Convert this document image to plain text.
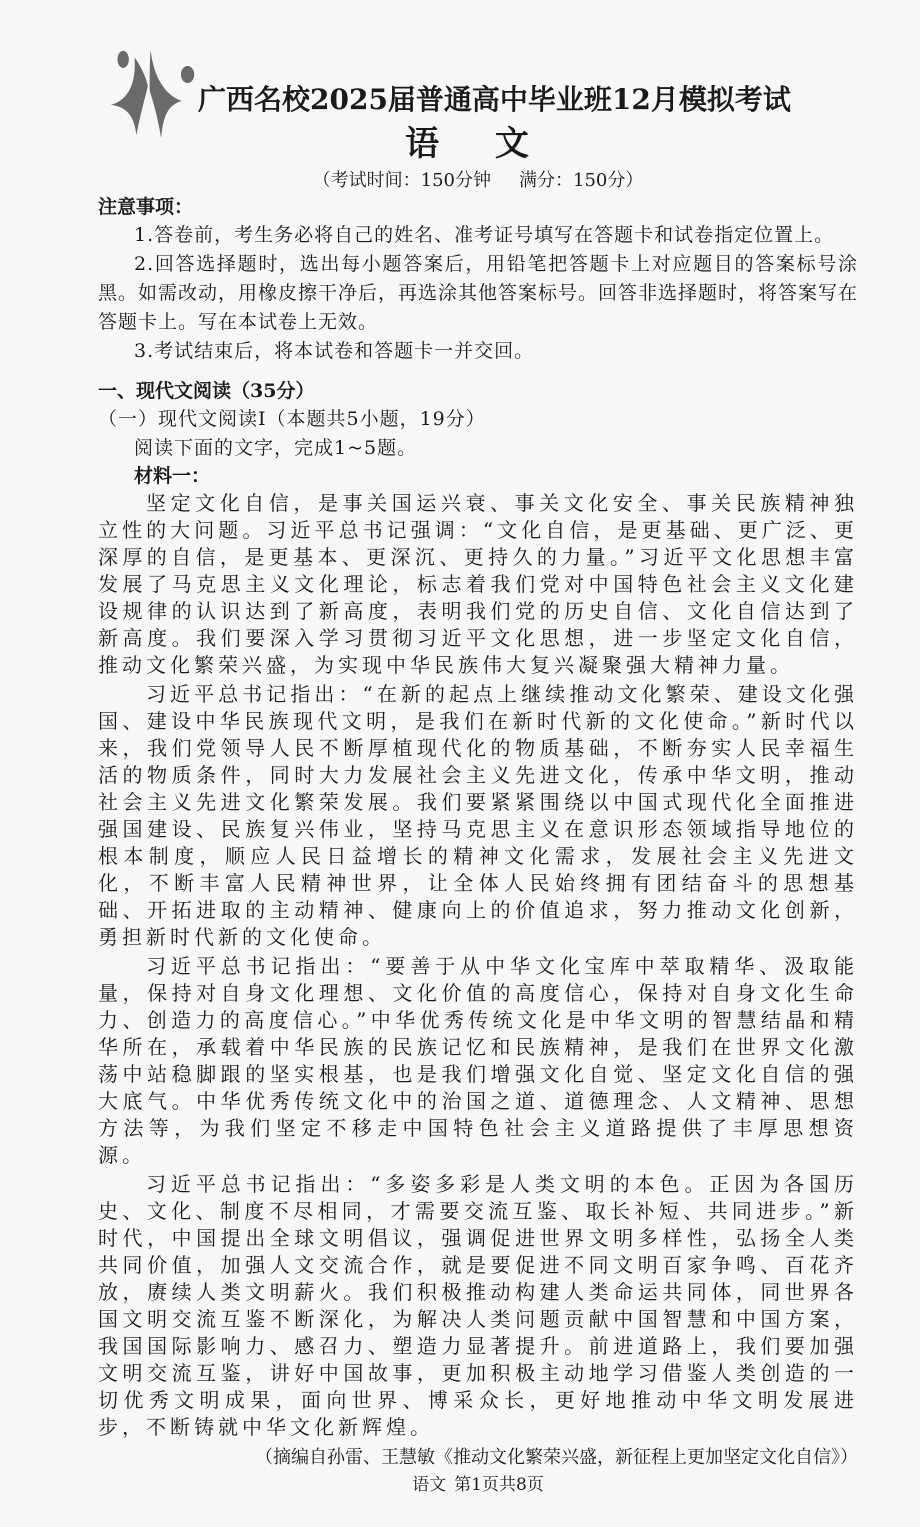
广西名校2025届普通高中毕业班12月模拟考试
语 文
（考试时间：150分钟 满分：150分）
注意事项：
1.答卷前，考生务必将自己的姓名、准考证号填写在答题卡和试卷指定位置上。
2.回答选择题时，选出每小题答案后，用铅笔把答题卡上对应题目的答案标号涂黑。如需改动，用橡皮擦干净后，再选涂其他答案标号。回答非选择题时，将答案写在答题卡上。写在本试卷上无效。
3.考试结束后，将本试卷和答题卡一并交回。
一、现代文阅读（35分）
（一）现代文阅读Ⅰ（本题共5小题，19分）
阅读下面的文字，完成1~5题。
材料一：

坚定文化自信，是事关国运兴衰、事关文化安全、事关民族精神独立性的大问题。习近平总书记强调：“文化自信，是更基础、更广泛、更深厚的自信，是更基本、更深沉、更持久的力量。”习近平文化思想丰富发展了马克思主义文化理论，标志着我们党对中国特色社会主义文化建设规律的认识达到了新高度，表明我们党的历史自信、文化自信达到了新高度。我们要深入学习贯彻习近平文化思想，进一步坚定文化自信，推动文化繁荣兴盛，为实现中华民族伟大复兴凝聚强大精神力量。

习近平总书记指出：“在新的起点上继续推动文化繁荣、建设文化强国、建设中华民族现代文明，是我们在新时代新的文化使命。”新时代以来，我们党领导人民不断厚植现代化的物质基础，不断夯实人民幸福生活的物质条件，同时大力发展社会主义先进文化，传承中华文明，推动社会主义先进文化繁荣发展。我们要紧紧围绕以中国式现代化全面推进强国建设、民族复兴伟业，坚持马克思主义在意识形态领域指导地位的根本制度，顺应人民日益增长的精神文化需求，发展社会主义先进文化，不断丰富人民精神世界，让全体人民始终拥有团结奋斗的思想基础、开拓进取的主动精神、健康向上的价值追求，努力推动文化创新，勇担新时代新的文化使命。

习近平总书记指出：“要善于从中华文化宝库中萃取精华、汲取能量，保持对自身文化理想、文化价值的高度信心，保持对自身文化生命力、创造力的高度信心。”中华优秀传统文化是中华文明的智慧结晶和精华所在，承载着中华民族的民族记忆和民族精神，是我们在世界文化激荡中站稳脚跟的坚实根基，也是我们增强文化自觉、坚定文化自信的强大底气。中华优秀传统文化中的治国之道、道德理念、人文精神、思想方法等，为我们坚定不移走中国特色社会主义道路提供了丰厚思想资源。

习近平总书记指出：“多姿多彩是人类文明的本色。正因为各国历史、文化、制度不尽相同，才需要交流互鉴、取长补短、共同进步。”新时代，中国提出全球文明倡议，强调促进世界文明多样性，弘扬全人类共同价值，加强人文交流合作，就是要促进不同文明百家争鸣、百花齐放，赓续人类文明薪火。我们积极推动构建人类命运共同体，同世界各国文明交流互鉴不断深化，为解决人类问题贡献中国智慧和中国方案，我国国际影响力、感召力、塑造力显著提升。前进道路上，我们要加强文明交流互鉴，讲好中国故事，更加积极主动地学习借鉴人类创造的一切优秀文明成果，面向世界、博采众长，更好地推动中华文明发展进步，不断铸就中华文化新辉煌。

（摘编自孙雷、王慧敏《推动文化繁荣兴盛，新征程上更加坚定文化自信》）
语文 第1页共8页
